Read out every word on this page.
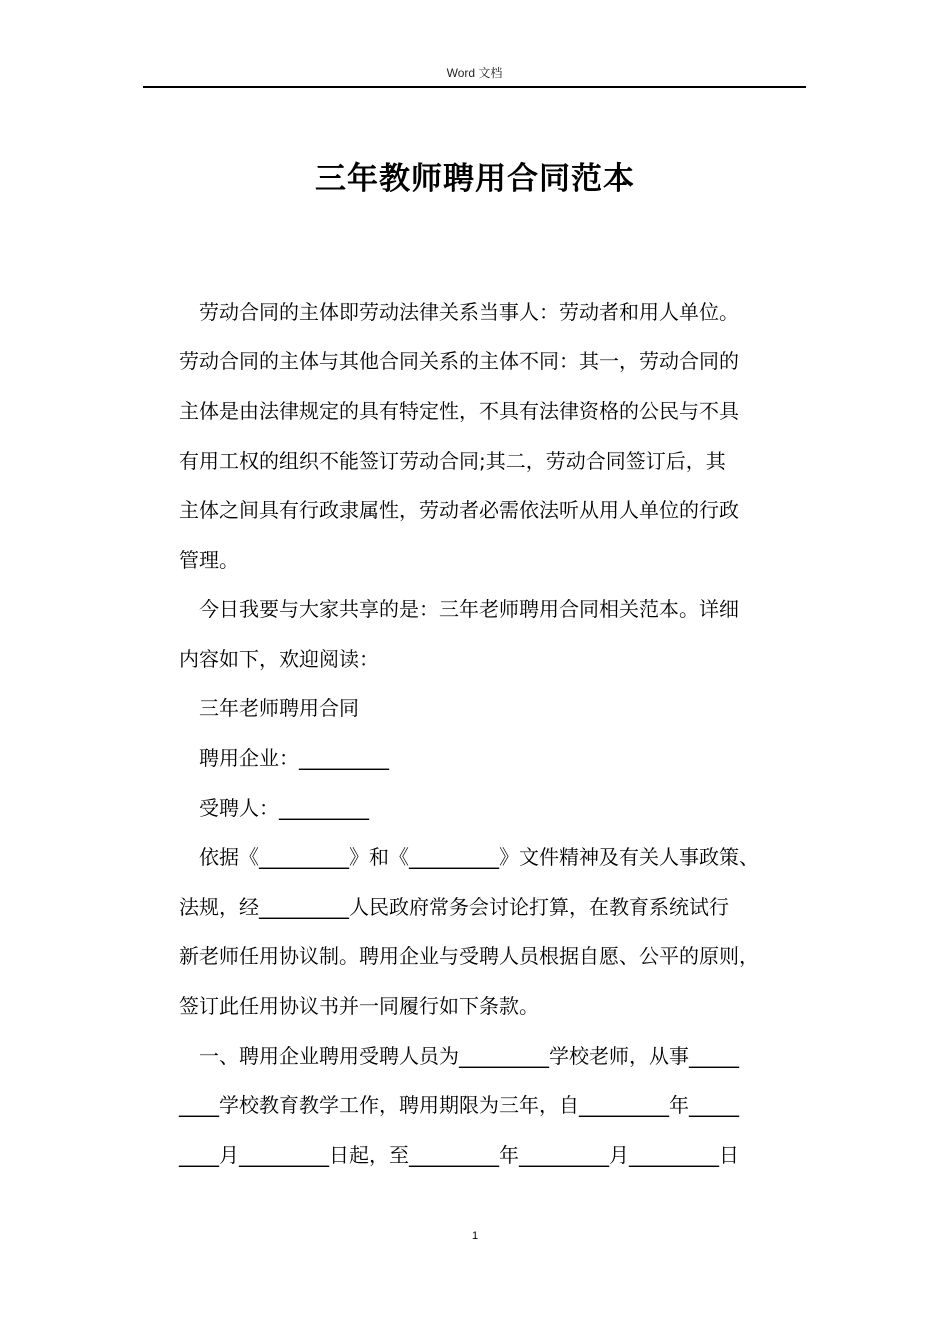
Word 文档
三年教师聘用合同范本
劳动合同的主体即劳动法律关系当事人：劳动者和用人单位。
劳动合同的主体与其他合同关系的主体不同：其一，劳动合同的
主体是由法律规定的具有特定性，不具有法律资格的公民与不具
有用工权的组织不能签订劳动合同;其二，劳动合同签订后，其
主体之间具有行政隶属性，劳动者必需依法听从用人单位的行政
管理。
今日我要与大家共享的是：三年老师聘用合同相关范本。详细
内容如下，欢迎阅读：
三年老师聘用合同
聘用企业：_________
受聘人：_________
依据《_________》和《_________》文件精神及有关人事政策、
法规，经_________人民政府常务会讨论打算，在教育系统试行
新老师任用协议制。聘用企业与受聘人员根据自愿、公平的原则，
签订此任用协议书并一同履行如下条款。
一、聘用企业聘用受聘人员为_________学校老师，从事_____
____学校教育教学工作，聘用期限为三年，自_________年_____
____月_________日起，至_________年_________月_________日
1
